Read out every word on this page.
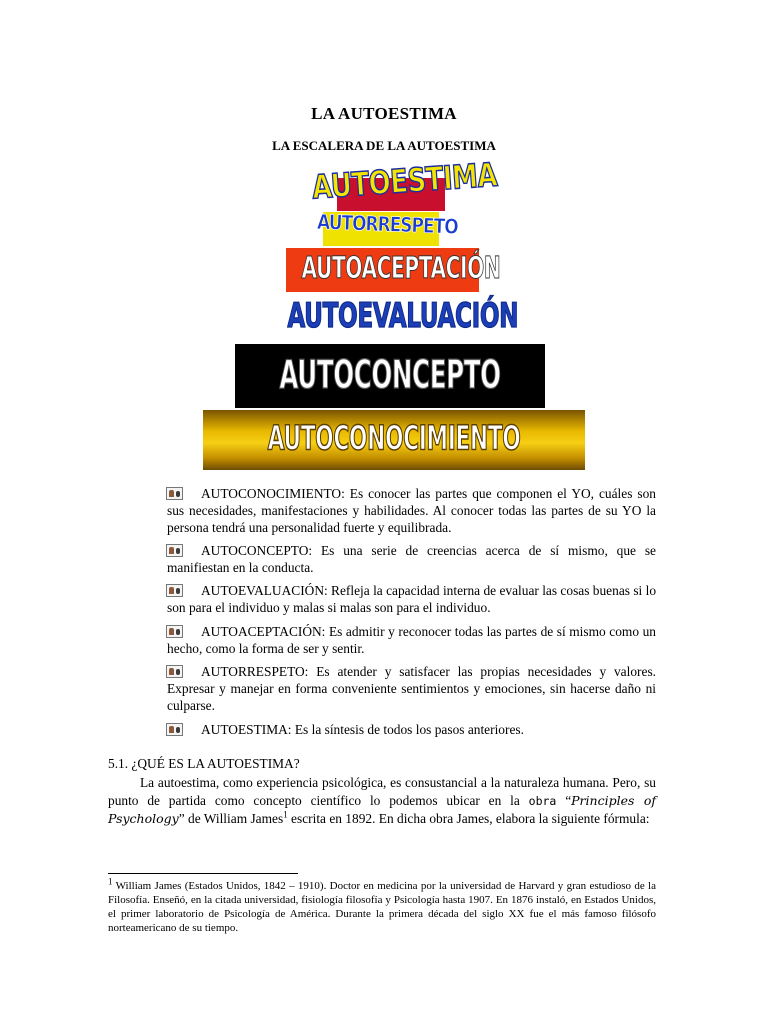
LA AUTOESTIMA
LA ESCALERA DE LA AUTOESTIMA
AUTOESTIMA
AUTORRESPETO
AUTOACEPTACIÓN
AUTOEVALUACIÓN
AUTOCONCEPTO
AUTOCONOCIMIENTO
AUTOCONOCIMIENTO: Es conocer las partes que componen el YO, cuáles son sus necesidades, manifestaciones y habilidades. Al conocer todas las partes de su YO la persona tendrá una personalidad fuerte y equilibrada.
AUTOCONCEPTO: Es una serie de creencias acerca de sí mismo, que se manifiestan en la conducta.
AUTOEVALUACIÓN: Refleja la capacidad interna de evaluar las cosas buenas si lo son para el individuo y malas si malas son para el individuo.
AUTOACEPTACIÓN: Es admitir y reconocer todas las partes de sí mismo como un hecho, como la forma de ser y sentir.
AUTORRESPETO: Es atender y satisfacer las propias necesidades y valores. Expresar y manejar en forma conveniente sentimientos y emociones, sin hacerse daño ni culparse.
AUTOESTIMA: Es la síntesis de todos los pasos anteriores.
5.1. ¿QUÉ ES LA AUTOESTIMA?
La autoestima, como experiencia psicológica, es consustancial a la naturaleza humana. Pero, su punto de partida como concepto científico lo podemos ubicar en la obra “Principles of Psychology” de William James$^1$ escrita en 1892. En dicha obra James, elabora la siguiente fórmula:
$^1$ William James (Estados Unidos, 1842 – 1910). Doctor en medicina por la universidad de Harvard y gran estudioso de la Filosofía. Enseñó, en la citada universidad, fisiología filosofía y Psicología hasta 1907. En 1876 instaló, en Estados Unidos, el primer laboratorio de Psicología de América. Durante la primera década del siglo XX fue el más famoso filósofo norteamericano de su tiempo.
